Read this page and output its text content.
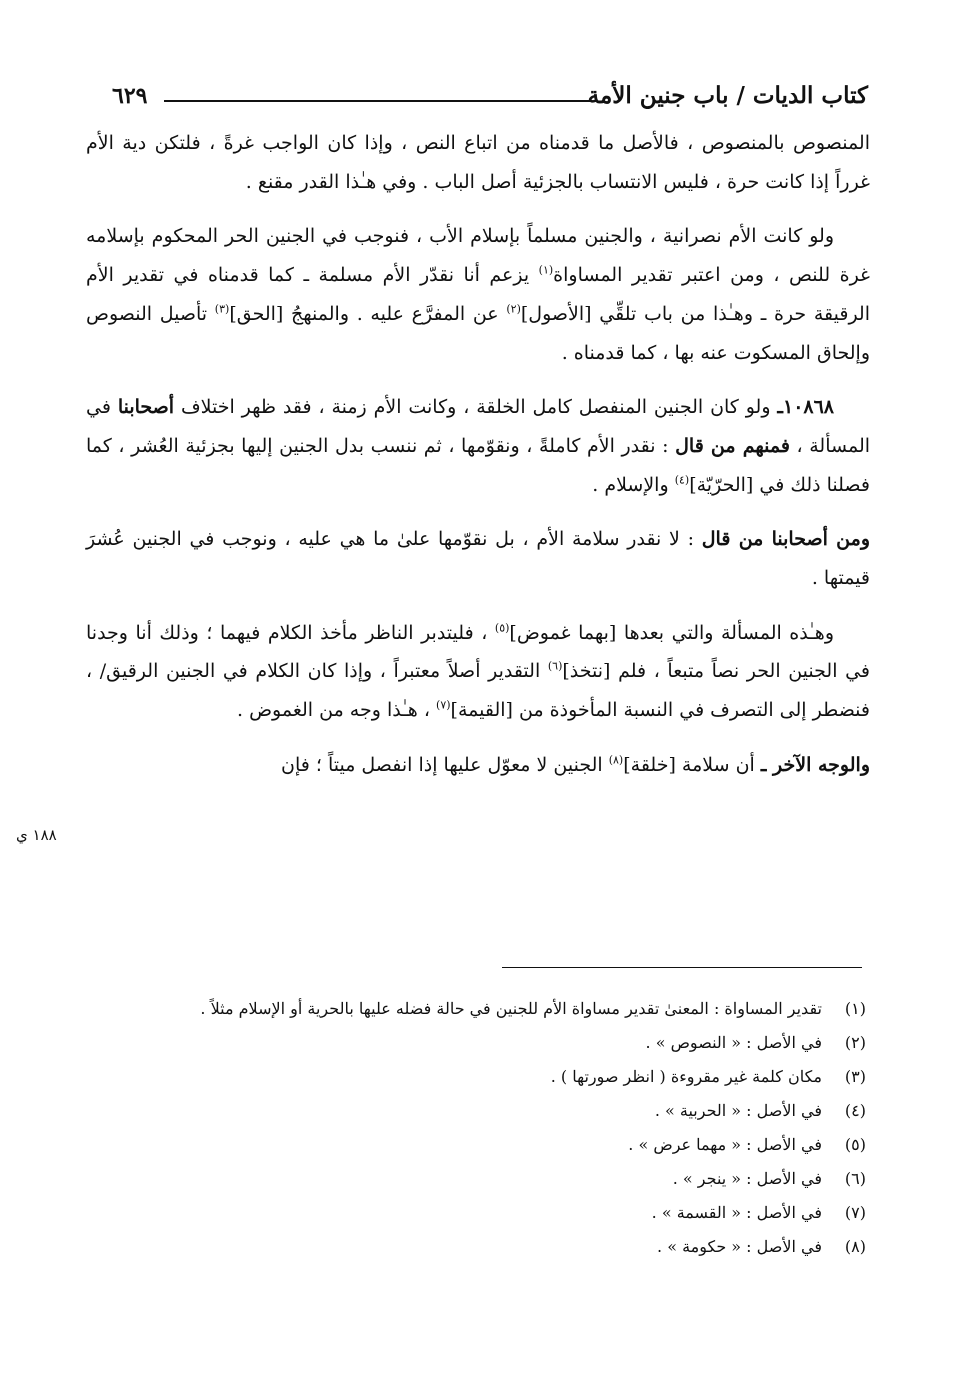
كتاب الديات / باب جنين الأمة
٦٢٩

المنصوص بالمنصوص ، فالأصل ما قدمناه من اتباع النص ، وإذا كان الواجب غرةً ، فلتكن دية الأم غرراً إذا كانت حرة ، فليس الانتساب بالجزئية أصل الباب . وفي هـٰذا القدر مقنع .

ولو كانت الأم نصرانية ، والجنين مسلماً بإسلام الأب ، فنوجب في الجنين الحر المحكوم بإسلامه غرة للنص ، ومن اعتبر تقدير المساواة$^{(١)}$ يزعم أنا نقدّر الأم مسلمة ـ كما قدمناه في تقدير الأم الرقيقة حرة ـ وهـٰذا من باب تلقِّي [الأصول]$^{(٢)}$ عن المفرَّع عليه . والمنهجُ [الحق]$^{(٣)}$ تأصيل النصوص وإلحاق المسكوت عنه بها ، كما قدمناه .

١٠٨٦٨ـ ولو كان الجنين المنفصل كامل الخلقة ، وكانت الأم زمنة ، فقد ظهر اختلاف أصحابنا في المسألة ، فمنهم من قال : نقدر الأم كاملةً ، ونقوّمها ، ثم ننسب بدل الجنين إليها بجزئية العُشر ، كما فصلنا ذلك في [الحرّيّة]$^{(٤)}$ والإسلام .

ومن أصحابنا من قال : لا نقدر سلامة الأم ، بل نقوّمها علىٰ ما هي عليه ، ونوجب في الجنين عُشرَ قيمتها .

وهـٰذه المسألة والتي بعدها [بهما غموض]$^{(٥)}$ ، فليتدبر الناظر مأخذ الكلام فيهما ؛ وذلك أنا وجدنا في الجنين الحر نصاً متبعاً ، فلم [نتخذ]$^{(٦)}$ التقدير أصلاً معتبراً ، وإذا كان الكلام في الجنين الرقيق/ ، فنضطر إلى التصرف في النسبة المأخوذة من [القيمة]$^{(٧)}$ ، هـٰذا وجه من الغموض .

والوجه الآخر ـ أن سلامة [خلقة]$^{(٨)}$ الجنين لا معوّل عليها إذا انفصل ميتاً ؛ فإن

١٨٨ ي
(١)
تقدير المساواة : المعنىٰ تقدير مساواة الأم للجنين في حالة فضله عليها بالحرية أو الإسلام مثلاً .
(٢)
في الأصل : « النصوص » .
(٣)
مكان كلمة غير مقروءة ( انظر صورتها ) .
(٤)
في الأصل : « الحربية » .
(٥)
في الأصل : « مهما عرض » .
(٦)
في الأصل : « ينجر » .
(٧)
في الأصل : « القسمة » .
(٨)
في الأصل : « حكومة » .
